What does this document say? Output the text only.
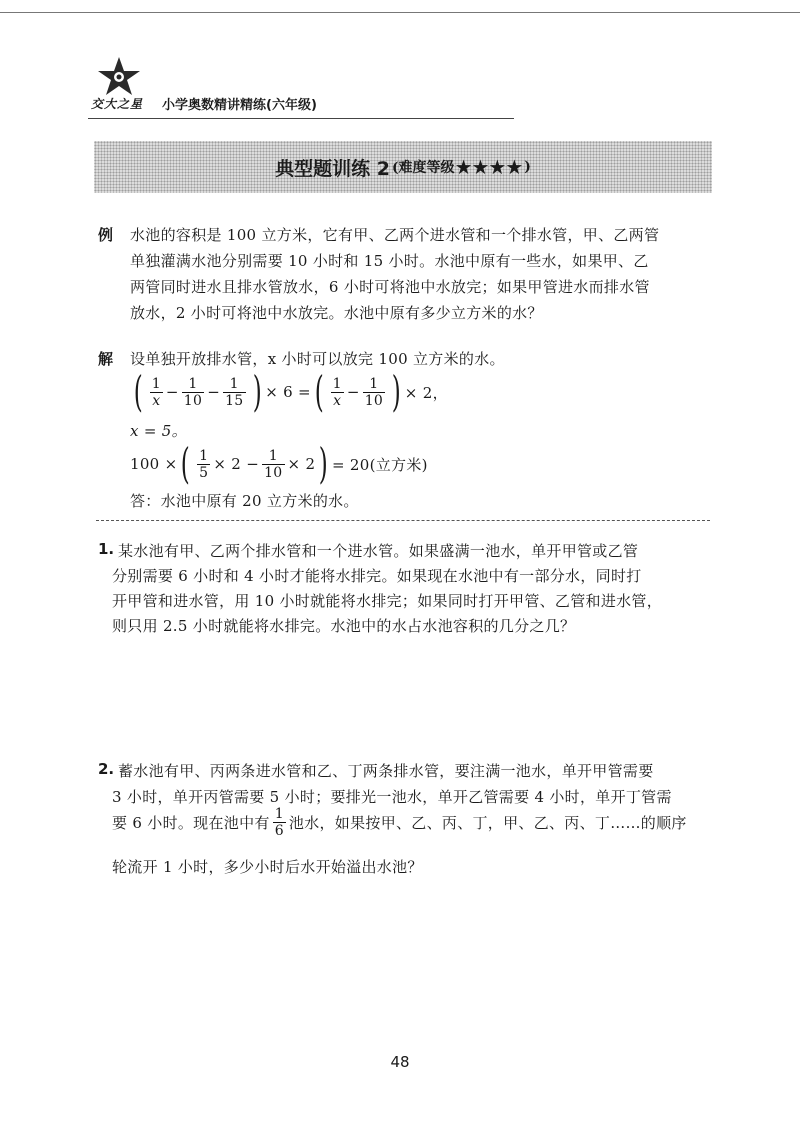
交大之星 小学奥数精讲精练(六年级)
典型题训练 2 (难度等级 ★★★★ )
例 水池的容积是 100 立方米，它有甲、乙两个进水管和一个排水管，甲、乙两管
单独灌满水池分别需要 10 小时和 15 小时。水池中原有一些水，如果甲、乙
两管同时进水且排水管放水，6 小时可将池中水放完；如果甲管进水而排水管
放水，2 小时可将池中水放完。水池中原有多少立方米的水？
解 设单独开放排水管，x 小时可以放完 100 立方米的水。
( $\frac{1}{x} - \frac{1}{10} - \frac{1}{15}$ ) × 6 = ( $\frac{1}{x} - \frac{1}{10}$ ) × 2，
x = 5。
100 × ( $\frac{1}{5} \times 2 - \frac{1}{10} \times 2$ ) = 20(立方米)
答：水池中原有 20 立方米的水。
1. 某水池有甲、乙两个排水管和一个进水管。如果盛满一池水，单开甲管或乙管
分别需要 6 小时和 4 小时才能将水排完。如果现在水池中有一部分水，同时打
开甲管和进水管，用 10 小时就能将水排完；如果同时打开甲管、乙管和进水管，
则只用 2.5 小时就能将水排完。水池中的水占水池容积的几分之几？
2. 蓄水池有甲、丙两条进水管和乙、丁两条排水管，要注满一池水，单开甲管需要
3 小时，单开丙管需要 5 小时；要排光一池水，单开乙管需要 4 小时，单开丁管需
要 6 小时。现在池中有 $\frac{1}{6}$ 池水，如果按甲、乙、丙、丁，甲、乙、丙、丁……的顺序
轮流开 1 小时，多少小时后水开始溢出水池？
48
